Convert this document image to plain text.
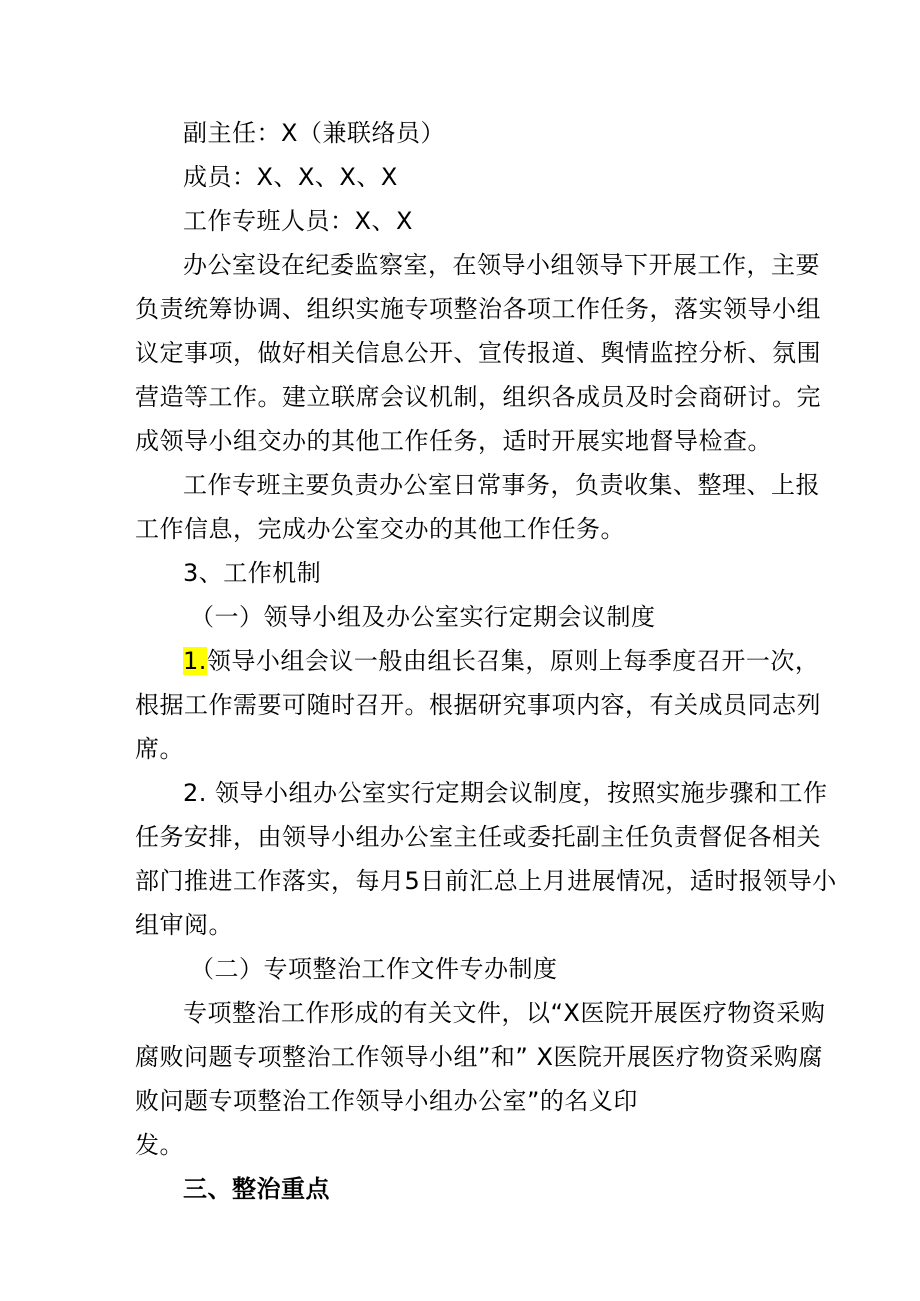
副主任：X（兼联络员）
成员：X、X、X、X
工作专班人员：X、X
办公室设在纪委监察室，在领导小组领导下开展工作，主要
负责统筹协调、组织实施专项整治各项工作任务，落实领导小组
议定事项，做好相关信息公开、宣传报道、舆情监控分析、氛围
营造等工作。建立联席会议机制，组织各成员及时会商研讨。完
成领导小组交办的其他工作任务，适时开展实地督导检查。
工作专班主要负责办公室日常事务，负责收集、整理、上报
工作信息，完成办公室交办的其他工作任务。
3、工作机制
（一）领导小组及办公室实行定期会议制度
1.领导小组会议一般由组长召集，原则上每季度召开一次，
根据工作需要可随时召开。根据研究事项内容，有关成员同志列
席。
2. 领导小组办公室实行定期会议制度，按照实施步骤和工作
任务安排，由领导小组办公室主任或委托副主任负责督促各相关
部门推进工作落实，每月5日前汇总上月进展情况，适时报领导小
组审阅。
（二）专项整治工作文件专办制度
专项整治工作形成的有关文件，以“X医院开展医疗物资采购
腐败问题专项整治工作领导小组”和” X医院开展医疗物资采购腐
败问题专项整治工作领导小组办公室”的名义印
发。
三、整治重点
